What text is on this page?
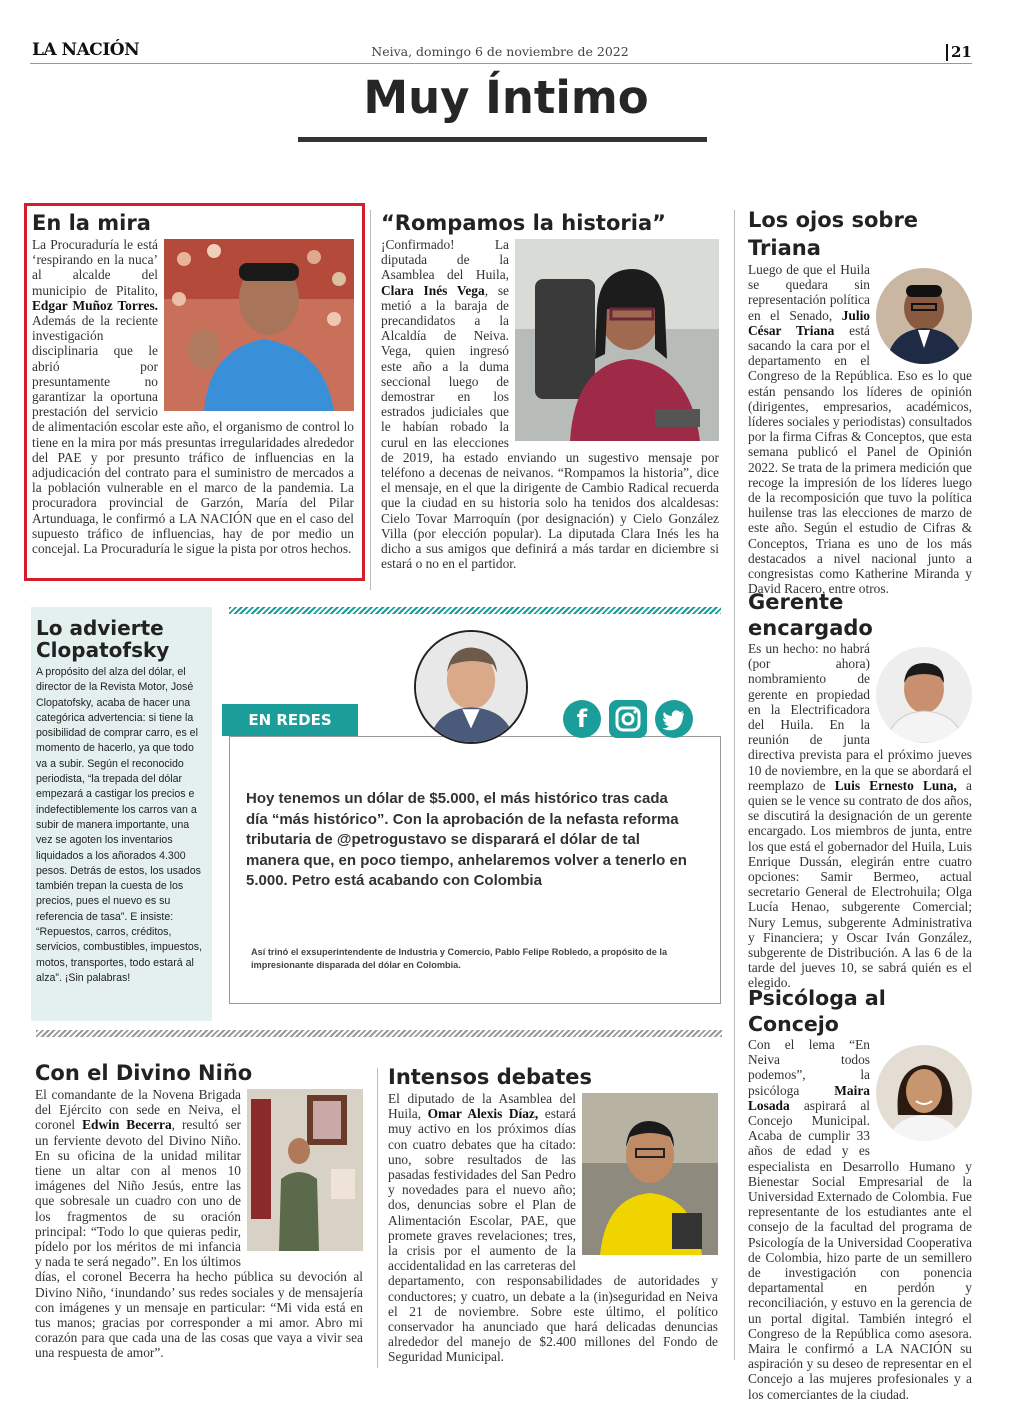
LA NACIÓN	Neiva, domingo 6 de noviembre de 2022	21
Muy Íntimo
En la mira
La Procuraduría le está ‘respirando en la nuca’ al alcalde del municipio de Pitalito, Edgar Muñoz Torres. Además de la reciente investigación disciplinaria que le abrió por presuntamente no garantizar la oportuna prestación del servicio de alimentación escolar este año, el organismo de control lo tiene en la mira por más presuntas irregularidades alrededor del PAE y por presunto tráfico de influencias en la adjudicación del contrato para el suministro de mercados a la población vulnerable en el marco de la pandemia. La procuradora provincial de Garzón, María del Pilar Artunduaga, le confirmó a LA NACIÓN que en el caso del supuesto tráfico de influencias, hay de por medio un concejal. La Procuraduría le sigue la pista por otros hechos.
“Rompamos la historia”
¡Confirmado! La diputada de la Asamblea del Huila, Clara Inés Vega, se metió a la baraja de precandidatos a la Alcaldía de Neiva. Vega, quien ingresó este año a la duma seccional luego de demostrar en los estrados judiciales que le habían robado la curul en las elecciones de 2019, ha estado enviando un sugestivo mensaje por teléfono a decenas de neivanos. “Rompamos la historia”, dice el mensaje, en el que la dirigente de Cambio Radical recuerda que la ciudad en su historia solo ha tenidos dos alcaldesas: Cielo Tovar Marroquín (por designación) y Cielo González Villa (por elección popular). La diputada Clara Inés les ha dicho a sus amigos que definirá a más tardar en diciembre si estará o no en el partidor.
Los ojos sobre Triana
Luego de que el Huila se quedara sin representación política en el Senado, Julio César Triana está sacando la cara por el departamento en el Congreso de la República. Eso es lo que están pensando los líderes de opinión (dirigentes, empresarios, académicos, líderes sociales y periodistas) consultados por la firma Cifras & Conceptos, que esta semana publicó el Panel de Opinión 2022. Se trata de la primera medición que recoge la impresión de los líderes luego de la recomposición que tuvo la política huilense tras las elecciones de marzo de este año. Según el estudio de Cifras & Conceptos, Triana es uno de los más destacados a nivel nacional junto a congresistas como Katherine Miranda y David Racero, entre otros.
Lo advierte Clopatofsky
A propósito del alza del dólar, el director de la Revista Motor, José Clopatofsky, acaba de hacer una categórica advertencia: si tiene la posibilidad de comprar carro, es el momento de hacerlo, ya que todo va a subir. Según el reconocido periodista, “la trepada del dólar empezará a castigar los precios e indefectiblemente los carros van a subir de manera importante, una vez se agoten los inventarios liquidados a los añorados 4.300 pesos. Detrás de estos, los usados también trepan la cuesta de los precios, pues el nuevo es su referencia de tasa”. E insiste: “Repuestos, carros, créditos, servicios, combustibles, impuestos, motos, transportes, todo estará al alza”. ¡Sin palabras!
EN REDES	f
Hoy tenemos un dólar de $5.000, el más histórico tras cada día “más histórico”. Con la aprobación de la nefasta reforma tributaria de @petrogustavo se disparará el dólar de tal manera que, en poco tiempo, anhelaremos volver a tenerlo en 5.000. Petro está acabando con Colombia
Así trinó el exsuperintendente de Industria y Comercio, Pablo Felipe Robledo, a propósito de la impresionante disparada del dólar en Colombia.
Gerente encargado
Es un hecho: no habrá (por ahora) nombramiento de gerente en propiedad en la Electrificadora del Huila. En la reunión de junta directiva prevista para el próximo jueves 10 de noviembre, en la que se abordará el reemplazo de Luis Ernesto Luna, a quien se le vence su contrato de dos años, se discutirá la designación de un gerente encargado. Los miembros de junta, entre los que está el gobernador del Huila, Luis Enrique Dussán, elegirán entre cuatro opciones: Samir Bermeo, actual secretario General de Electrohuila; Olga Lucía Henao, subgerente Comercial; Nury Lemus, subgerente Administrativa y Financiera; y Oscar Iván González, subgerente de Distribución. A las 6 de la tarde del jueves 10, se sabrá quién es el elegido.
Con el Divino Niño
El comandante de la Novena Brigada del Ejército con sede en Neiva, el coronel Edwin Becerra, resultó ser un ferviente devoto del Divino Niño. En su oficina de la unidad militar tiene un altar con al menos 10 imágenes del Niño Jesús, entre las que sobresale un cuadro con uno de los fragmentos de su oración principal: “Todo lo que quieras pedir, pídelo por los méritos de mi infancia y nada te será negado”. En los últimos días, el coronel Becerra ha hecho pública su devoción al Divino Niño, ‘inundando’ sus redes sociales y de mensajería con imágenes y un mensaje en particular: “Mi vida está en tus manos; gracias por corresponder a mi amor. Abro mi corazón para que cada una de las cosas que vaya a vivir sea una respuesta de amor”.
Intensos debates
El diputado de la Asamblea del Huila, Omar Alexis Díaz, estará muy activo en los próximos días con cuatro debates que ha citado: uno, sobre resultados de las pasadas festividades del San Pedro y novedades para el nuevo año; dos, denuncias sobre el Plan de Alimentación Escolar, PAE, que promete graves revelaciones; tres, la crisis por el aumento de la accidentalidad en las carreteras del departamento, con responsabilidades de autoridades y conductores; y cuatro, un debate a la (in)seguridad en Neiva el 21 de noviembre. Sobre este último, el político conservador ha anunciado que hará delicadas denuncias alrededor del manejo de $2.400 millones del Fondo de Seguridad Municipal.
Psicóloga al Concejo
Con el lema “En Neiva todos podemos”, la psicóloga	Maira Losada aspirará al Concejo Municipal. Acaba de cumplir 33 años de edad y es especialista en Desarrollo Humano y Bienestar Social Empresarial de la Universidad Externado de Colombia. Fue representante de los estudiantes ante el consejo de la facultad del programa de Psicología de la Universidad Cooperativa de Colombia, hizo parte de un semillero de investigación con ponencia departamental en perdón y reconciliación, y estuvo en la gerencia de un portal digital. También integró el Congreso de la República como asesora. Maira le confirmó a LA NACIÓN su aspiración y su deseo de representar en el Concejo a las mujeres profesionales y a los comerciantes de la ciudad.
